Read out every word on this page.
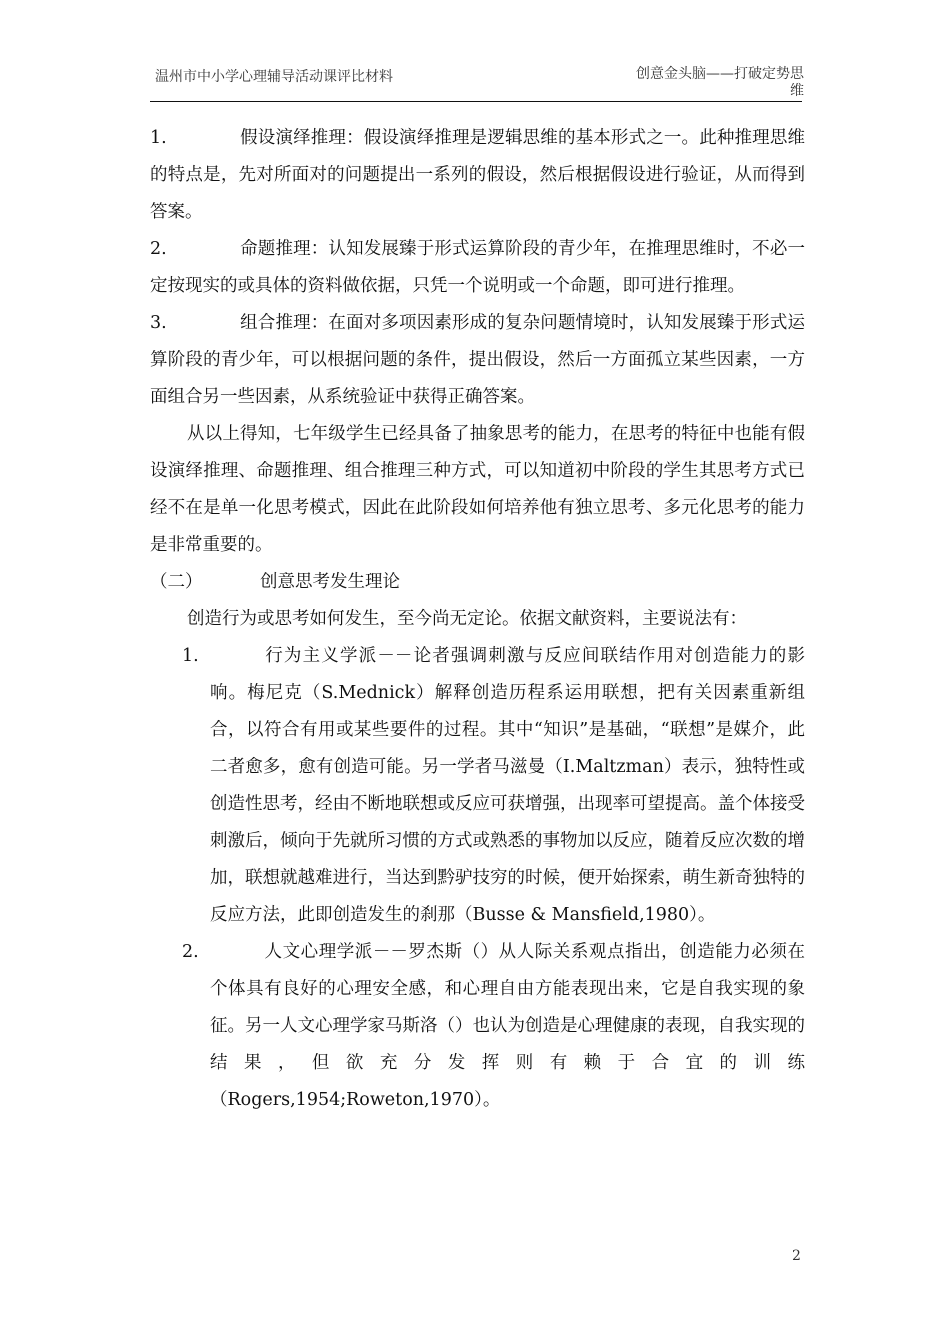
温州市中小学心理辅导活动课评比材料	创意金头脑——打破定势思维

1.	假设演绎推理：假设演绎推理是逻辑思维的基本形式之一。此种推理思维的特点是，先对所面对的问题提出一系列的假设，然后根据假设进行验证，从而得到答案。

2.	命题推理：认知发展臻于形式运算阶段的青少年，在推理思维时，不必一定按现实的或具体的资料做依据，只凭一个说明或一个命题，即可进行推理。

3.	组合推理：在面对多项因素形成的复杂问题情境时，认知发展臻于形式运算阶段的青少年，可以根据问题的条件，提出假设，然后一方面孤立某些因素，一方面组合另一些因素，从系统验证中获得正确答案。

从以上得知，七年级学生已经具备了抽象思考的能力，在思考的特征中也能有假设演绎推理、命题推理、组合推理三种方式，可以知道初中阶段的学生其思考方式已经不在是单一化思考模式，因此在此阶段如何培养他有独立思考、多元化思考的能力是非常重要的。

（二）	创意思考发生理论

创造行为或思考如何发生，至今尚无定论。依据文献资料，主要说法有：

1.	行为主义学派－－论者强调刺激与反应间联结作用对创造能力的影响。梅尼克（S.Mednick）解释创造历程系运用联想，把有关因素重新组合，以符合有用或某些要件的过程。其中“知识”是基础，“联想”是媒介，此二者愈多，愈有创造可能。另一学者马滋曼（I.Maltzman）表示，独特性或创造性思考，经由不断地联想或反应可获增强，出现率可望提高。盖个体接受刺激后，倾向于先就所习惯的方式或熟悉的事物加以反应，随着反应次数的增加，联想就越难进行，当达到黔驴技穷的时候，便开始探索，萌生新奇独特的反应方法，此即创造发生的刹那（Busse & Mansfield,1980）。

2.	人文心理学派－－罗杰斯（）从人际关系观点指出，创造能力必须在个体具有良好的心理安全感，和心理自由方能表现出来，它是自我实现的象征。另一人文心理学家马斯洛（）也认为创造是心理健康的表现，自我实现的结果，但欲充分发挥则有赖于合宜的训练（Rogers,1954;Roweton,1970）。

2
